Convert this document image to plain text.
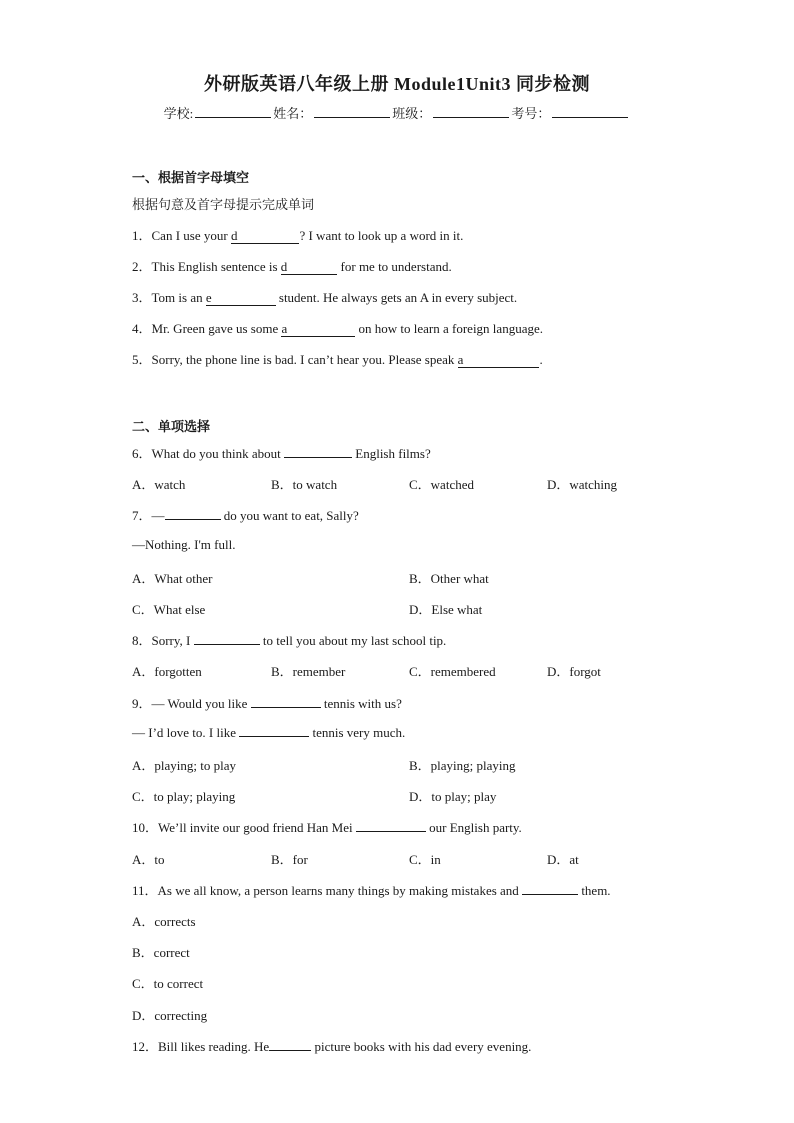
外研版英语八年级上册 Module1Unit3 同步检测
学校:	姓名：	班级：	考号：
一、根据首字母填空
根据句意及首字母提示完成单词
1．Can I use your d	? I want to look up a word in it.
2．This English sentence is d	for me to understand.
3．Tom is an e	student. He always gets an A in every subject.
4．Mr. Green gave us some a	on how to learn a foreign language.
5．Sorry, the phone line is bad. I can’t hear you. Please speak a	.
二、单项选择
6．What do you think about	English films?
A．watch	B．to watch	C．watched	D．watching
7．—	do you want to eat, Sally?
—Nothing. I'm full.
A．What other	B．Other what
C．What else	D．Else what
8．Sorry, I	to tell you about my last school tip.
A．forgotten	B．remember	C．remembered	D．forgot
9．— Would you like	tennis with us?
— I’d love to. I like	tennis very much.
A．playing; to play	B．playing; playing
C．to play; playing	D．to play; play
10．We’ll invite our good friend Han Mei	our English party.
A．to	B．for	C．in	D．at
11．As we all know, a person learns many things by making mistakes and	them.
A．corrects
B．correct
C．to correct
D．correcting
12．Bill likes reading. He	picture books with his dad every evening.
